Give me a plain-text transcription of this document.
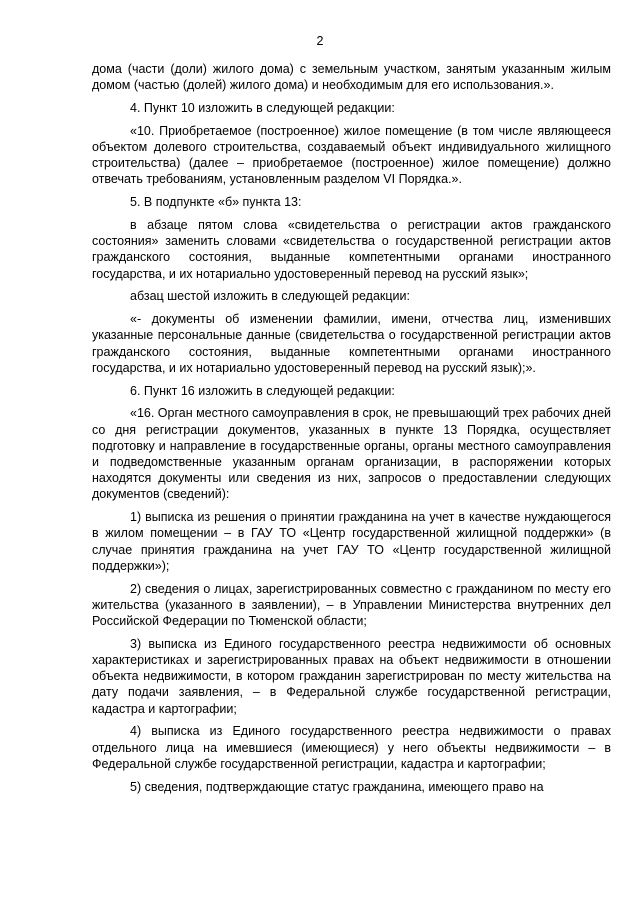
2

дома (части (доли) жилого дома) с земельным участком, занятым указанным жилым домом (частью (долей) жилого дома) и необходимым для его использования.».

4. Пункт 10 изложить в следующей редакции:

«10. Приобретаемое (построенное) жилое помещение (в том числе являющееся объектом долевого строительства, создаваемый объект индивидуального жилищного строительства) (далее – приобретаемое (построенное) жилое помещение) должно отвечать требованиям, установленным разделом VI Порядка.».

5. В подпункте «б» пункта 13:

в абзаце пятом слова «свидетельства о регистрации актов гражданского состояния» заменить словами «свидетельства о государственной регистрации актов гражданского состояния, выданные компетентными органами иностранного государства, и их нотариально удостоверенный перевод на русский язык»;

абзац шестой изложить в следующей редакции:

«- документы об изменении фамилии, имени, отчества лиц, изменивших указанные персональные данные (свидетельства о государственной регистрации актов гражданского состояния, выданные компетентными органами иностранного государства, и их нотариально удостоверенный перевод на русский язык);».

6. Пункт 16 изложить в следующей редакции:

«16. Орган местного самоуправления в срок, не превышающий трех рабочих дней со дня регистрации документов, указанных в пункте 13 Порядка, осуществляет подготовку и направление в государственные органы, органы местного самоуправления и подведомственные указанным органам организации, в распоряжении которых находятся документы или сведения из них, запросов о предоставлении следующих документов (сведений):

1) выписка из решения о принятии гражданина на учет в качестве нуждающегося в жилом помещении – в ГАУ ТО «Центр государственной жилищной поддержки» (в случае принятия гражданина на учет ГАУ ТО «Центр государственной жилищной поддержки»);

2) сведения о лицах, зарегистрированных совместно с гражданином по месту его жительства (указанного в заявлении), – в Управлении Министерства внутренних дел Российской Федерации по Тюменской области;

3) выписка из Единого государственного реестра недвижимости об основных характеристиках и зарегистрированных правах на объект недвижимости в отношении объекта недвижимости, в котором гражданин зарегистрирован по месту жительства на дату подачи заявления, – в Федеральной службе государственной регистрации, кадастра и картографии;

4) выписка из Единого государственного реестра недвижимости о правах отдельного лица на имевшиеся (имеющиеся) у него объекты недвижимости – в Федеральной службе государственной регистрации, кадастра и картографии;

5) сведения, подтверждающие статус гражданина, имеющего право на
